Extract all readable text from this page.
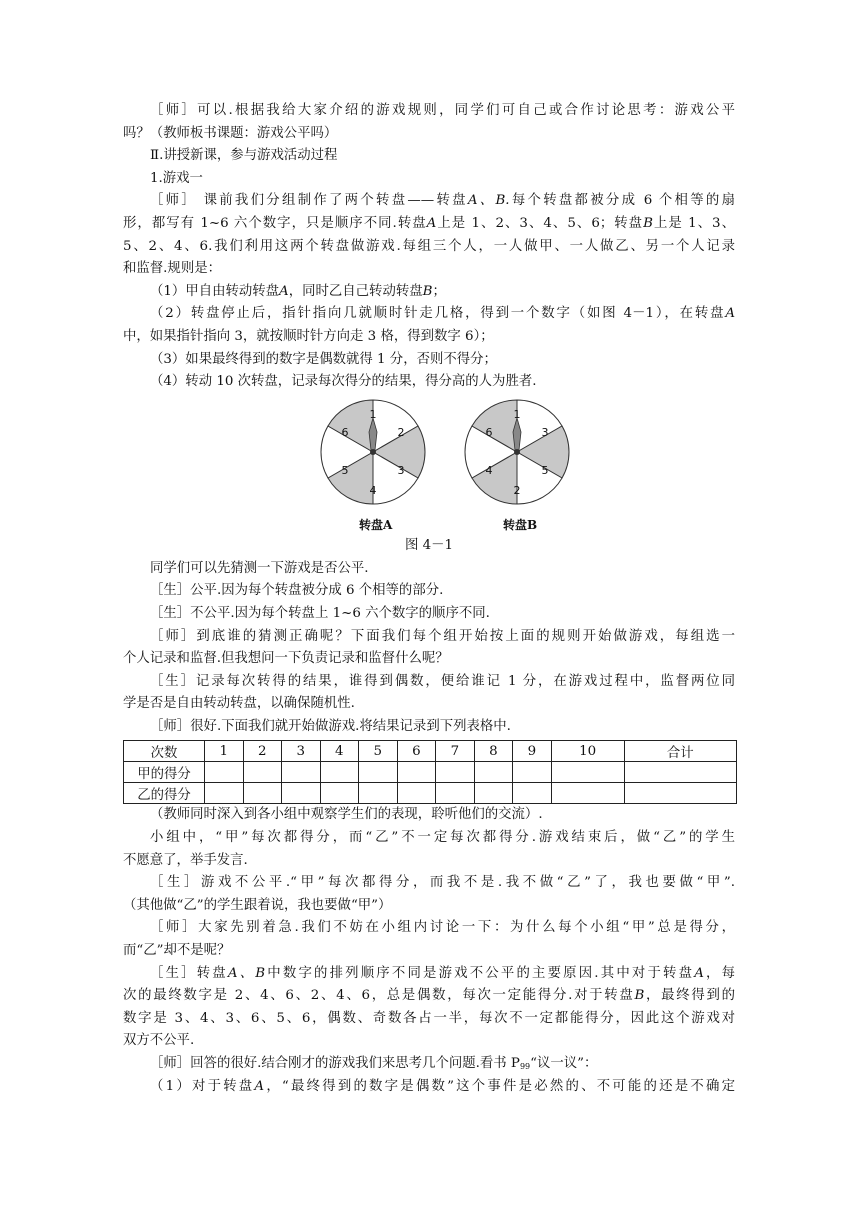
［师］可以.根据我给大家介绍的游戏规则，同学们可自己或合作讨论思考：游戏公平
吗？（教师板书课题：游戏公平吗）
Ⅱ.讲授新课，参与游戏活动过程
1.游戏一
［师］ 课前我们分组制作了两个转盘——转盘A、B.每个转盘都被分成 6 个相等的扇
形，都写有 1~6 六个数字，只是顺序不同.转盘A上是 1、2、3、4、5、6；转盘B上是 1、3、
5、2、4、6.我们利用这两个转盘做游戏.每组三个人，一人做甲、一人做乙、另一个人记录
和监督.规则是：
（1）甲自由转动转盘A，同时乙自己转动转盘B；
（2）转盘停止后，指针指向几就顺时针走几格，得到一个数字（如图 4－1），在转盘A
中，如果指针指向 3，就按顺时针方向走 3 格，得到数字 6）；
（3）如果最终得到的数字是偶数就得 1 分，否则不得分；
（4）转动 10 次转盘，记录每次得分的结果，得分高的人为胜者.
1
2
3
4
5
6
转盘A
1
3
5
2
4
6
转盘B
图 4－1
同学们可以先猜测一下游戏是否公平.
［生］公平.因为每个转盘被分成 6 个相等的部分.
［生］不公平.因为每个转盘上 1~6 六个数字的顺序不同.
［师］到底谁的猜测正确呢？下面我们每个组开始按上面的规则开始做游戏，每组选一
个人记录和监督.但我想问一下负责记录和监督什么呢？
［生］记录每次转得的结果，谁得到偶数，便给谁记 1 分，在游戏过程中，监督两位同
学是否是自由转动转盘，以确保随机性.
［师］很好.下面我们就开始做游戏.将结果记录到下列表格中.
次数	1	2	3	4	5	6	7	8	9	10	合计
甲的得分											
乙的得分											
（教师同时深入到各小组中观察学生们的表现，聆听他们的交流）.
小组中，“甲”每次都得分，而“乙”不一定每次都得分.游戏结束后，做“乙”的学生
不愿意了，举手发言.
［生］游戏不公平.“甲”每次都得分，而我不是.我不做“乙”了，我也要做“甲”.
（其他做“乙”的学生跟着说，我也要做“甲”）
［师］大家先别着急.我们不妨在小组内讨论一下：为什么每个小组“甲”总是得分，
而“乙”却不是呢？
［生］转盘A、B中数字的排列顺序不同是游戏不公平的主要原因.其中对于转盘A，每
次的最终数字是 2、4、6、2、4、6，总是偶数，每次一定能得分.对于转盘B，最终得到的
数字是 3、4、3、6、5、6，偶数、奇数各占一半，每次不一定都能得分，因此这个游戏对
双方不公平.
［师］回答的很好.结合刚才的游戏我们来思考几个问题.看书 $P_{99}“$议一议”：
（1）对于转盘A，“最终得到的数字是偶数”这个事件是必然的、不可能的还是不确定
